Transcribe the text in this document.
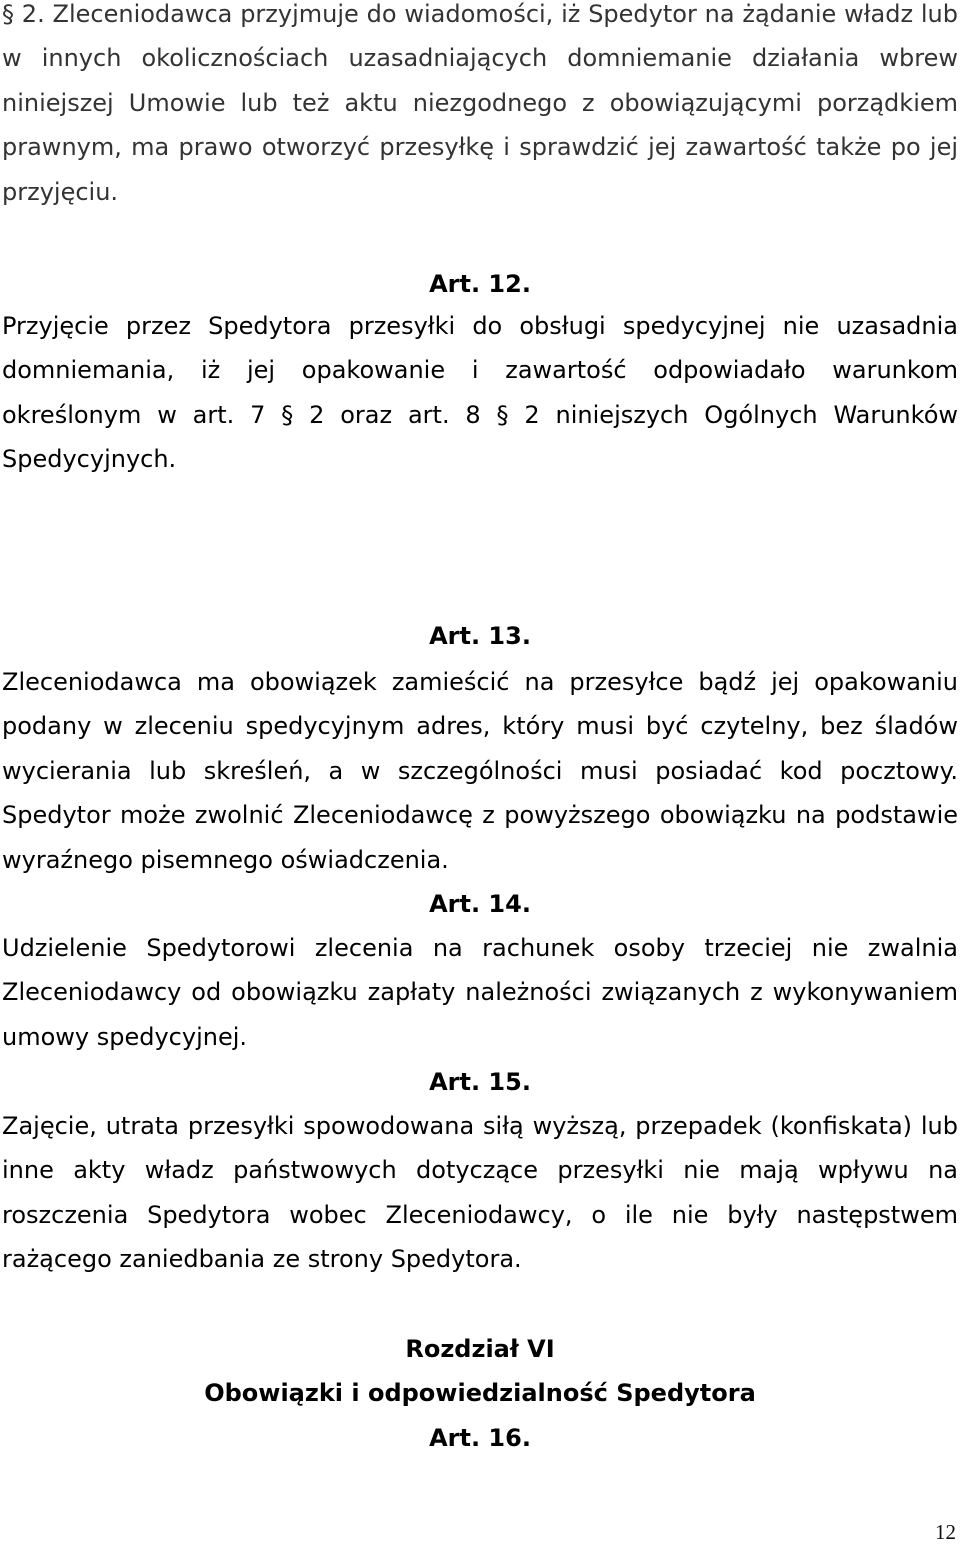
§ 2. Zleceniodawca przyjmuje do wiadomości, iż Spedytor na żądanie władz lub w innych okolicznościach uzasadniających domniemanie działania wbrew niniejszej Umowie lub też aktu niezgodnego z obowiązującymi porządkiem prawnym, ma prawo otworzyć przesyłkę i sprawdzić jej zawartość także po jej przyjęciu.

Art. 12.

Przyjęcie przez Spedytora przesyłki do obsługi spedycyjnej nie uzasadnia domniemania, iż jej opakowanie i zawartość odpowiadało warunkom określonym w art. 7 § 2 oraz art. 8 § 2 niniejszych Ogólnych Warunków Spedycyjnych.

Art. 13.

Zleceniodawca ma obowiązek zamieścić na przesyłce bądź jej opakowaniu podany w zleceniu spedycyjnym adres, który musi być czytelny, bez śladów wycierania lub skreśleń, a w szczególności musi posiadać kod pocztowy. Spedytor może zwolnić Zleceniodawcę z powyższego obowiązku na podstawie wyraźnego pisemnego oświadczenia.

Art. 14.

Udzielenie Spedytorowi zlecenia na rachunek osoby trzeciej nie zwalnia Zleceniodawcy od obowiązku zapłaty należności związanych z wykonywaniem umowy spedycyjnej.

Art. 15.

Zajęcie, utrata przesyłki spowodowana siłą wyższą, przepadek (konfiskata) lub inne akty władz państwowych dotyczące przesyłki nie mają wpływu na roszczenia Spedytora wobec Zleceniodawcy, o ile nie były następstwem rażącego zaniedbania ze strony Spedytora.

Rozdział VI

Obowiązki i odpowiedzialność Spedytora

Art. 16.

12
